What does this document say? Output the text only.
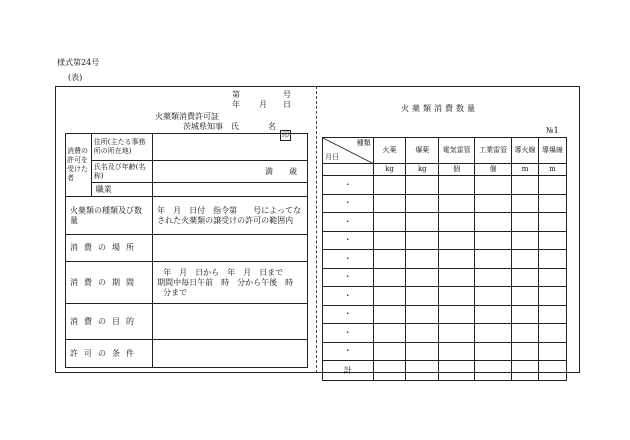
様式第24号
(表)
第	号
年 月 日
火薬類消費許可証
茨城県知事　氏	名
印
消費の許可を受けた者	住所(主たる事務所の所在地)	
	氏名及び年齢(名称)	満　　歳

	職業	

火薬類の種類及び数量		年　月　日付　指令第　　号によってなされた火薬類の譲受けの許可の範囲内
消費の場所		
消費の期間		年　月　日から　年　月　日まで
期間中毎日午前　時　分から午後　時
分まで

消費の目的		
許可の条件		
火薬類消費数量
№1
種類
月日	火薬	爆薬	電気雷管	工業雷管	導火線	導爆線
	kg	kg	個	個	m	m
・						
・						
・						
・						
・						
・						
・						
・						
・						
・						
計						
